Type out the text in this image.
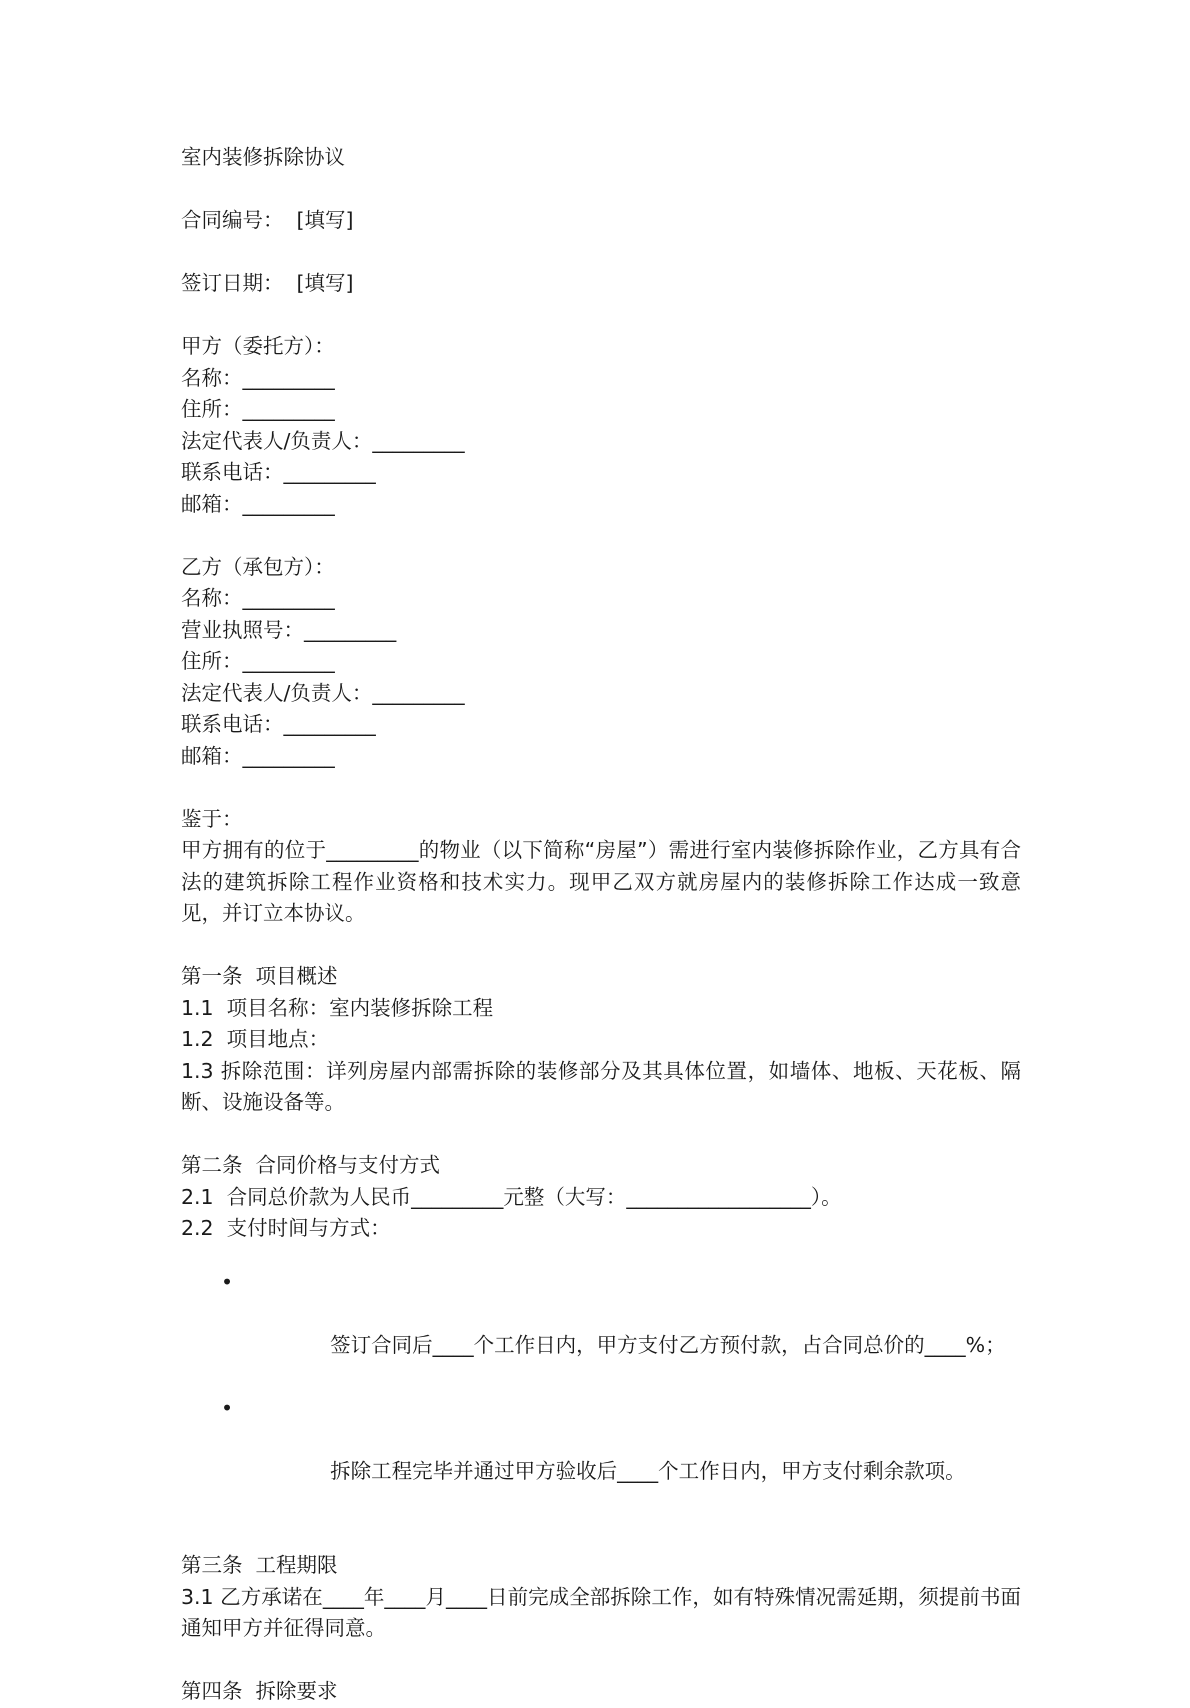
室内装修拆除协议
合同编号：  [填写]
签订日期：  [填写]
甲方（委托方）：
名称：_________
住所：_________
法定代表人/负责人：_________
联系电话：_________
邮箱：_________
乙方（承包方）：
名称：_________
营业执照号：_________
住所：_________
法定代表人/负责人：_________
联系电话：_________
邮箱：_________
鉴于：
甲方拥有的位于_________的物业（以下简称“房屋”）需进行室内装修拆除作业，乙方具有合法的建筑拆除工程作业资格和技术实力。现甲乙双方就房屋内的装修拆除工作达成一致意见，并订立本协议。
第一条  项目概述
1.1  项目名称：室内装修拆除工程
1.2  项目地点：
1.3 拆除范围：详列房屋内部需拆除的装修部分及其具体位置，如墙体、地板、天花板、隔断、设施设备等。
第二条  合同价格与支付方式
2.1  合同总价款为人民币_________元整（大写：__________________）。
2.2  支付时间与方式：

•

签订合同后____个工作日内，甲方支付乙方预付款，占合同总价的____%；

•

拆除工程完毕并通过甲方验收后____个工作日内，甲方支付剩余款项。

第三条  工程期限
3.1 乙方承诺在____年____月____日前完成全部拆除工作，如有特殊情况需延期，须提前书面通知甲方并征得同意。
第四条  拆除要求
